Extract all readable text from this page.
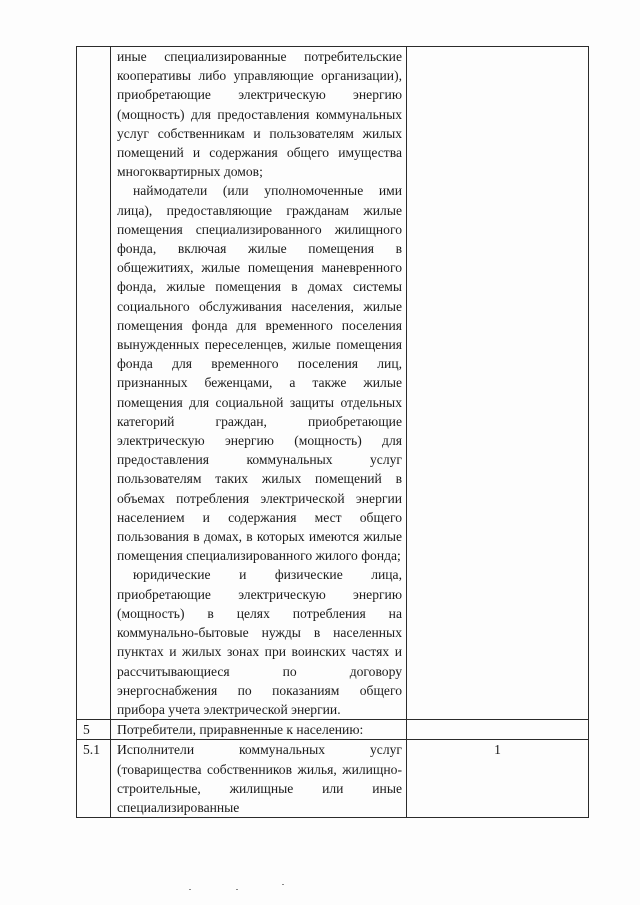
	иные специализированные потребительские кооперативы либо управляющие организации), приобретающие электрическую энергию (мощность) для предоставления коммунальных услуг собственникам и пользователям жилых помещений и содержания общего имущества многоквартирных домов;

наймодатели (или уполномоченные ими лица), предоставляющие гражданам жилые помещения специализированного жилищного фонда, включая жилые помещения в общежитиях, жилые помещения маневренного фонда, жилые помещения в домах системы социального обслуживания населения, жилые помещения фонда для временного поселения вынужденных переселенцев, жилые помещения фонда для временного поселения лиц, признанных беженцами, а также жилые помещения для социальной защиты отдельных категорий граждан, приобретающие электрическую энергию (мощность) для предоставления коммунальных услуг пользователям таких жилых помещений в объемах потребления электрической энергии населением и содержания мест общего пользования в домах, в которых имеются жилые помещения специализированного жилого фонда;

юридические и физические лица, приобретающие электрическую энергию (мощность) в целях потребления на коммунально-бытовые нужды в населенных пунктах и жилых зонах при воинских частях и рассчитывающиеся по договору энергоснабжения по показаниям общего прибора учета электрической энергии.	

5	Потребители, приравненные к населению:	
5.1	Исполнители коммунальных услуг (товарищества собственников жилья, жилищно-строительные, жилищные или иные специализированные	1
